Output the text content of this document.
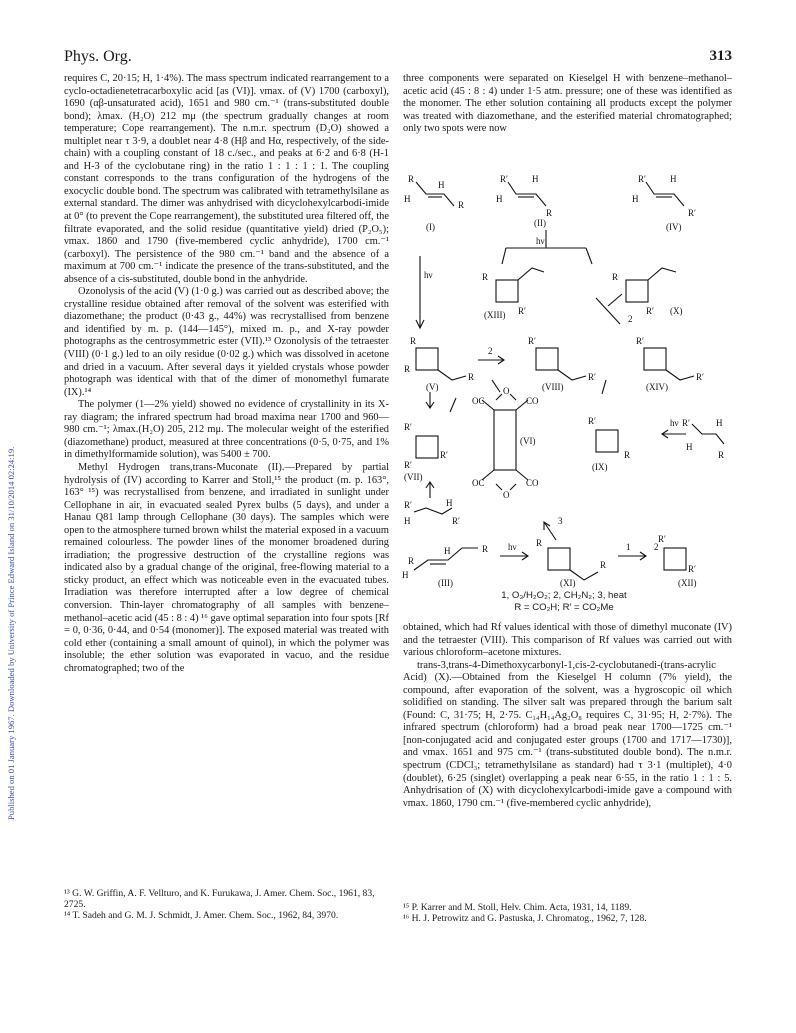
Published on 01 January 1967. Downloaded by University of Prince Edward Island on 31/10/2014 02:24:19.
Phys. Org.	313

requires C, 20·15; H, 1·4%). The mass spectrum indicated rearrangement to a cyclo-octadienetetracarboxylic acid [as (VI)]. νmax. of (V) 1700 (carboxyl), 1690 (αβ-unsaturated acid), 1651 and 980 cm.⁻¹ (trans-substituted double bond); λmax. (H₂O) 212 mμ (the spectrum gradually changes at room temperature; Cope rearrangement). The n.m.r. spectrum (D₂O) showed a multiplet near τ 3·9, a doublet near 4·8 (Hβ and Hα, respectively, of the side-chain) with a coupling constant of 18 c./sec., and peaks at 6·2 and 6·8 (H-1 and H-3 of the cyclobutane ring) in the ratio 1 : 1 : 1 : 1. The coupling constant corresponds to the trans configuration of the hydrogens of the exocyclic double bond. The spectrum was calibrated with tetramethylsilane as external standard. The dimer was anhydrised with dicyclohexylcarbodi-imide at 0° (to prevent the Cope rearrangement), the substituted urea filtered off, the filtrate evaporated, and the solid residue (quantitative yield) dried (P₂O₅); νmax. 1860 and 1790 (five-membered cyclic anhydride), 1700 cm.⁻¹ (carboxyl). The persistence of the 980 cm.⁻¹ band and the absence of a maximum at 700 cm.⁻¹ indicate the presence of the trans-substituted, and the absence of a cis-substituted, double bond in the anhydride.

Ozonolysis of the acid (V) (1·0 g.) was carried out as described above; the crystalline residue obtained after removal of the solvent was esterified with diazomethane; the product (0·43 g., 44%) was recrystallised from benzene and identified by m. p. (144—145°), mixed m. p., and X-ray powder photographs as the centrosymmetric ester (VII).¹³ Ozonolysis of the tetraester (VIII) (0·1 g.) led to an oily residue (0·02 g.) which was dissolved in acetone and dried in a vacuum. After several days it yielded crystals whose powder photograph was identical with that of the dimer of monomethyl fumarate (IX).¹⁴

The polymer (1—2% yield) showed no evidence of crystallinity in its X-ray diagram; the infrared spectrum had broad maxima near 1700 and 960—980 cm.⁻¹; λmax.(H₂O) 205, 212 mμ. The molecular weight of the esterified (diazomethane) product, measured at three concentrations (0·5, 0·75, and 1% in dimethylformamide solution), was 5400 ± 700.

Methyl Hydrogen trans,trans-Muconate (II).—Prepared by partial hydrolysis of (IV) according to Karrer and Stoll,¹⁵ the product (m. p. 163°, 163° ¹⁵) was recrystallised from benzene, and irradiated in sunlight under Cellophane in air, in evacuated sealed Pyrex bulbs (5 days), and under a Hanau Q81 lamp through Cellophane (30 days). The samples which were open to the atmosphere turned brown whilst the material exposed in a vacuum remained colourless. The powder lines of the monomer broadened during irradiation; the progressive destruction of the crystalline regions was indicated also by a gradual change of the original, free-flowing material to a sticky product, an effect which was noticeable even in the evacuated tubes. Irradiation was therefore interrupted after a low degree of chemical conversion. Thin-layer chromatography of all samples with benzene–methanol–acetic acid (45 : 8 : 4) ¹⁶ gave optimal separation into four spots [Rf = 0, 0·36, 0·44, and 0·54 (monomer)]. The exposed material was treated with cold ether (containing a small amount of quinol), in which the polymer was insoluble; the ether solution was evaporated in vacuo, and the residue chromatographed; two of the

three components were separated on Kieselgel H with benzene–methanol–acetic acid (45 : 8 : 4) under 1·5 atm. pressure; one of these was identified as the monomer. The ether solution containing all products except the polymer was treated with diazomethane, and the esterified material chromatographed; only two spots were now

R
H
H
R
(I)
R′	H
H
R
(II)
R′	H
H
R′
(IV)
hν
hν	R
(XIII) R′
R
R′ (X)
2
R
R
R
(V)
2
R′
R′
(VIII)
R′
R′
(XIV)
OC	CO
O
(VI)
OC	CO
O
R′
R′
R′
(VII)
R′
R
(IX)
hν R′	H
H
R
R′	H
H	R′
R
H
R
H
(III)
hν R
R
(XI)
3
1	2
R′
R′
(XII)
1, O₃/H₂O₂; 2, CH₂N₂; 3, heat
R = CO₂H; R′ = CO₂Me

obtained, which had Rf values identical with those of dimethyl muconate (IV) and the tetraester (VIII). This comparison of Rf values was carried out with various chloroform–acetone mixtures.

trans-3,trans-4-Dimethoxycarbonyl-1,cis-2-cyclobutanedi-(trans-acrylic Acid) (X).—Obtained from the Kieselgel H column (7% yield), the compound, after evaporation of the solvent, was a hygroscopic oil which solidified on standing. The silver salt was prepared through the barium salt (Found: C, 31·75; H, 2·75. C₁₄H₁₄Ag₂O₈ requires C, 31·95; H, 2·7%). The infrared spectrum (chloroform) had a broad peak near 1700—1725 cm.⁻¹ [non-conjugated acid and conjugated ester groups (1700 and 1717—1730)], and νmax. 1651 and 975 cm.⁻¹ (trans-substituted double bond). The n.m.r. spectrum (CDCl₃; tetramethylsilane as standard) had τ 3·1 (multiplet), 4·0 (doublet), 6·25 (singlet) overlapping a peak near 6·55, in the ratio 1 : 1 : 5. Anhydrisation of (X) with dicyclohexylcarbodi-imide gave a compound with νmax. 1860, 1790 cm.⁻¹ (five-membered cyclic anhydride),

¹³ G. W. Griffin, A. F. Vellturo, and K. Furukawa, J. Amer. Chem. Soc., 1961, 83, 2725.
¹⁴ T. Sadeh and G. M. J. Schmidt, J. Amer. Chem. Soc., 1962, 84, 3970.
¹⁵ P. Karrer and M. Stoll, Helv. Chim. Acta, 1931, 14, 1189.
¹⁶ H. J. Petrowitz and G. Pastuska, J. Chromatog., 1962, 7, 128.
